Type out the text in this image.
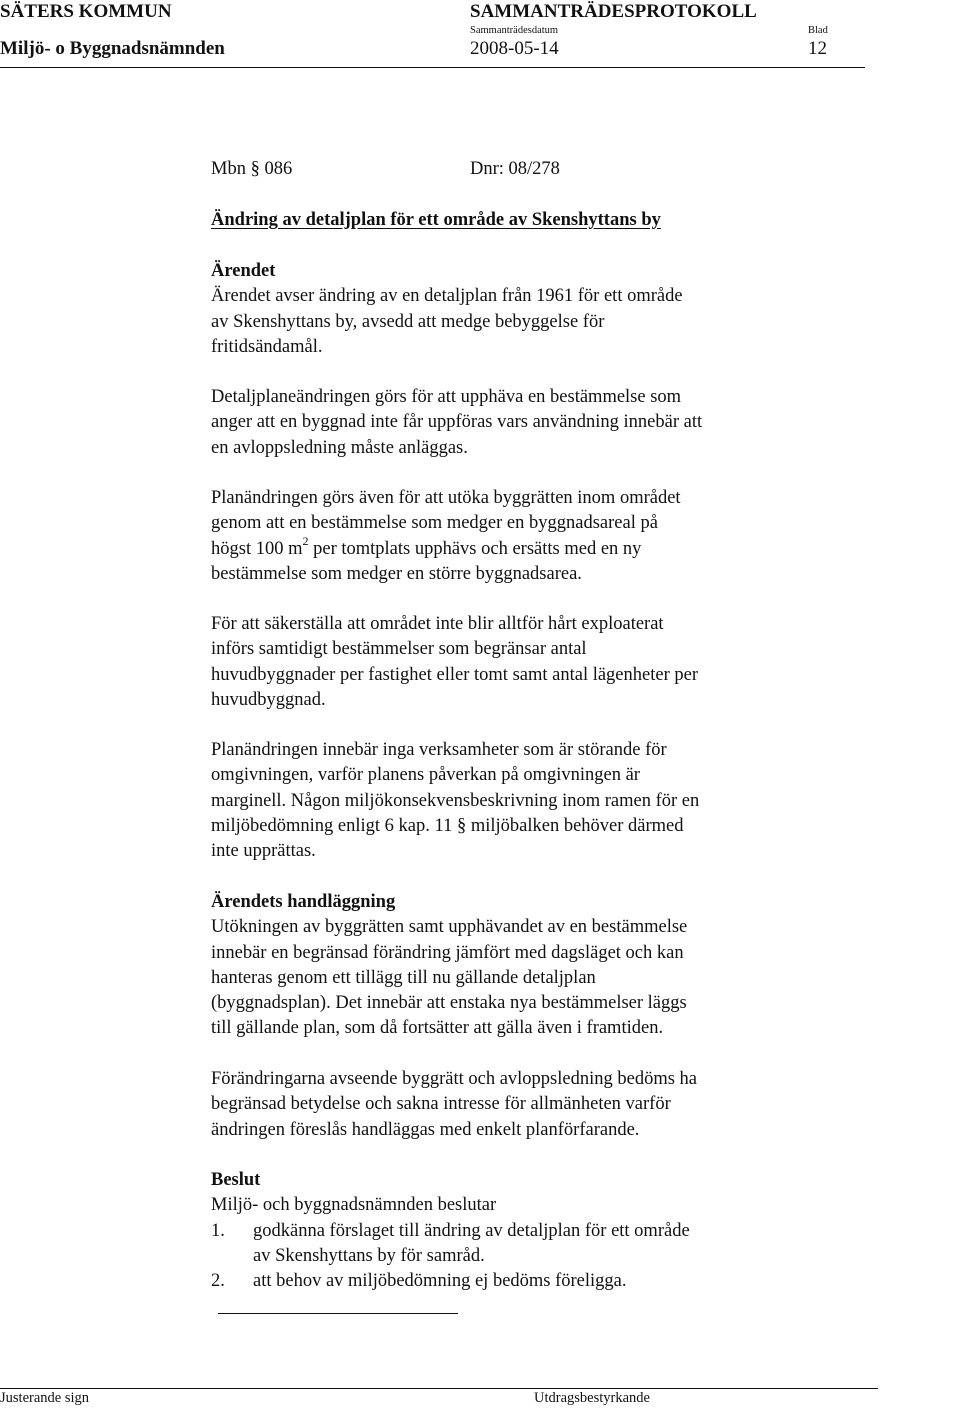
SÄTERS KOMMUN	SAMMANTRÄDESPROTOKOLL
Sammanträdesdatum	Blad
Miljö- o Byggnadsnämnden	2008-05-14	12
Mbn § 086	Dnr: 08/278
Ändring av detaljplan för ett område av Skenshyttans by

Ärendet

Ärendet avser ändring av en detaljplan från 1961 för ett område

av Skenshyttans by, avsedd att medge bebyggelse för

fritidsändamål.

Detaljplaneändringen görs för att upphäva en bestämmelse som

anger att en byggnad inte får uppföras vars användning innebär att

en avloppsledning måste anläggas.

Planändringen görs även för att utöka byggrätten inom området

genom att en bestämmelse som medger en byggnadsareal på

högst 100 $m^2$ per tomtplats upphävs och ersätts med en ny

bestämmelse som medger en större byggnadsarea.

För att säkerställa att området inte blir alltför hårt exploaterat

införs samtidigt bestämmelser som begränsar antal

huvudbyggnader per fastighet eller tomt samt antal lägenheter per

huvudbyggnad.

Planändringen innebär inga verksamheter som är störande för

omgivningen, varför planens påverkan på omgivningen är

marginell. Någon miljökonsekvensbeskrivning inom ramen för en

miljöbedömning enligt 6 kap. 11 § miljöbalken behöver därmed

inte upprättas.

Ärendets handläggning

Utökningen av byggrätten samt upphävandet av en bestämmelse

innebär en begränsad förändring jämfört med dagsläget och kan

hanteras genom ett tillägg till nu gällande detaljplan

(byggnadsplan). Det innebär att enstaka nya bestämmelser läggs

till gällande plan, som då fortsätter att gälla även i framtiden.

Förändringarna avseende byggrätt och avloppsledning bedöms ha

begränsad betydelse och sakna intresse för allmänheten varför

ändringen föreslås handläggas med enkelt planförfarande.

Beslut

Miljö- och byggnadsnämnden beslutar

1. godkänna förslaget till ändring av detaljplan för ett område

av Skenshyttans by för samråd.

2. att behov av miljöbedömning ej bedöms föreligga.

Justerande sign	Utdragsbestyrkande
